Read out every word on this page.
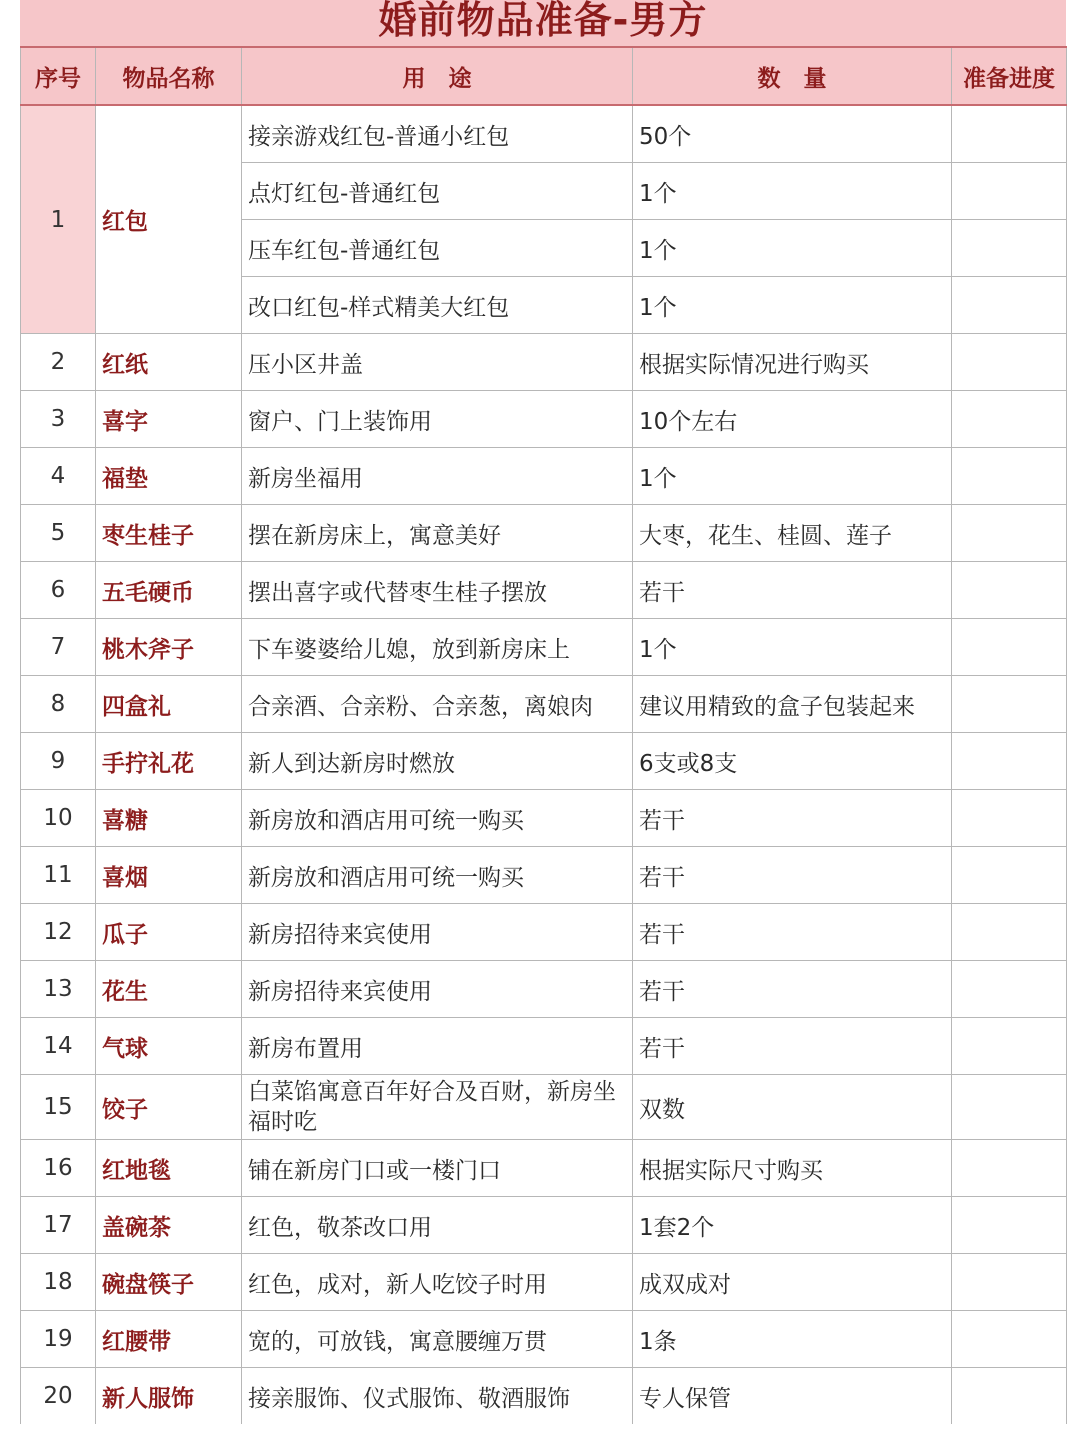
婚前物品准备-男方
序号	物品名称	用　途	数　量	准备进度
1	红包	接亲游戏红包-普通小红包	50个	
		点灯红包-普通红包	1个	
		压车红包-普通红包	1个	
		改口红包-样式精美大红包	1个	
2	红纸	压小区井盖	根据实际情况进行购买	
3	喜字	窗户、门上装饰用	10个左右	
4	福垫	新房坐福用	1个	
5	枣生桂子	摆在新房床上，寓意美好	大枣，花生、桂圆、莲子	
6	五毛硬币	摆出喜字或代替枣生桂子摆放	若干	
7	桃木斧子	下车婆婆给儿媳，放到新房床上	1个	
8	四盒礼	合亲酒、合亲粉、合亲葱，离娘肉	建议用精致的盒子包装起来	
9	手拧礼花	新人到达新房时燃放	6支或8支	
10	喜糖	新房放和酒店用可统一购买	若干	
11	喜烟	新房放和酒店用可统一购买	若干	
12	瓜子	新房招待来宾使用	若干	
13	花生	新房招待来宾使用	若干	
14	气球	新房布置用	若干	
15	饺子	白菜馅寓意百年好合及百财，新房坐福时吃	双数	
16	红地毯	铺在新房门口或一楼门口	根据实际尺寸购买	
17	盖碗茶	红色，敬茶改口用	1套2个	
18	碗盘筷子	红色，成对，新人吃饺子时用	成双成对	
19	红腰带	宽的，可放钱，寓意腰缠万贯	1条	
20	新人服饰	接亲服饰、仪式服饰、敬酒服饰	专人保管	
